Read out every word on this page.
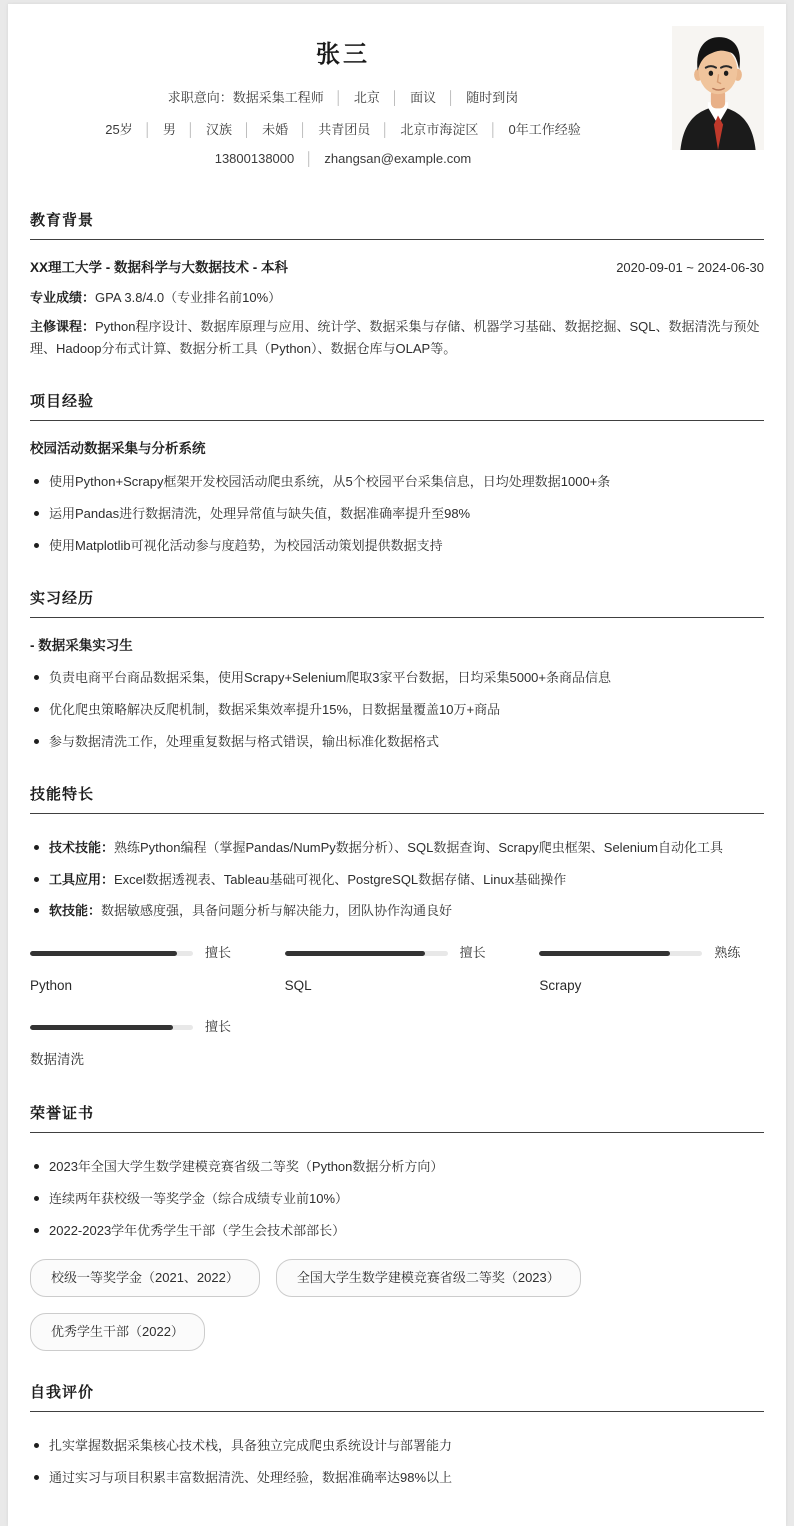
张三
求职意向：数据采集工程师 │ 北京 │ 面议 │ 随时到岗
25岁 │ 男 │ 汉族 │ 未婚 │ 共青团员 │ 北京市海淀区 │ 0年工作经验
13800138000 │ zhangsan@example.com
教育背景
XX理工大学 - 数据科学与大数据技术 - 本科	2020-09-01 ~ 2024-06-30

专业成绩：GPA 3.8/4.0（专业排名前10%）

主修课程：Python程序设计、数据库原理与应用、统计学、数据采集与存储、机器学习基础、数据挖掘、SQL、数据清洗与预处理、Hadoop分布式计算、数据分析工具（Python）、数据仓库与OLAP等。

项目经验
校园活动数据采集与分析系统
使用Python+Scrapy框架开发校园活动爬虫系统，从5个校园平台采集信息，日均处理数据1000+条
运用Pandas进行数据清洗，处理异常值与缺失值，数据准确率提升至98%
使用Matplotlib可视化活动参与度趋势，为校园活动策划提供数据支持
实习经历
- 数据采集实习生
负责电商平台商品数据采集，使用Scrapy+Selenium爬取3家平台数据，日均采集5000+条商品信息
优化爬虫策略解决反爬机制，数据采集效率提升15%，日数据量覆盖10万+商品
参与数据清洗工作，处理重复数据与格式错误，输出标准化数据格式
技能特长
技术技能：熟练Python编程（掌握Pandas/NumPy数据分析）、SQL数据查询、Scrapy爬虫框架、Selenium自动化工具
工具应用：Excel数据透视表、Tableau基础可视化、PostgreSQL数据存储、Linux基础操作
软技能：数据敏感度强，具备问题分析与解决能力，团队协作沟通良好
擅长
Python
擅长
SQL
熟练
Scrapy
擅长
数据清洗
荣誉证书
2023年全国大学生数学建模竞赛省级二等奖（Python数据分析方向）
连续两年获校级一等奖学金（综合成绩专业前10%）
2022-2023学年优秀学生干部（学生会技术部部长）
校级一等奖学金（2021、2022）	全国大学生数学建模竞赛省级二等奖（2023）
优秀学生干部（2022）
自我评价
扎实掌握数据采集核心技术栈，具备独立完成爬虫系统设计与部署能力
通过实习与项目积累丰富数据清洗、处理经验，数据准确率达98%以上
